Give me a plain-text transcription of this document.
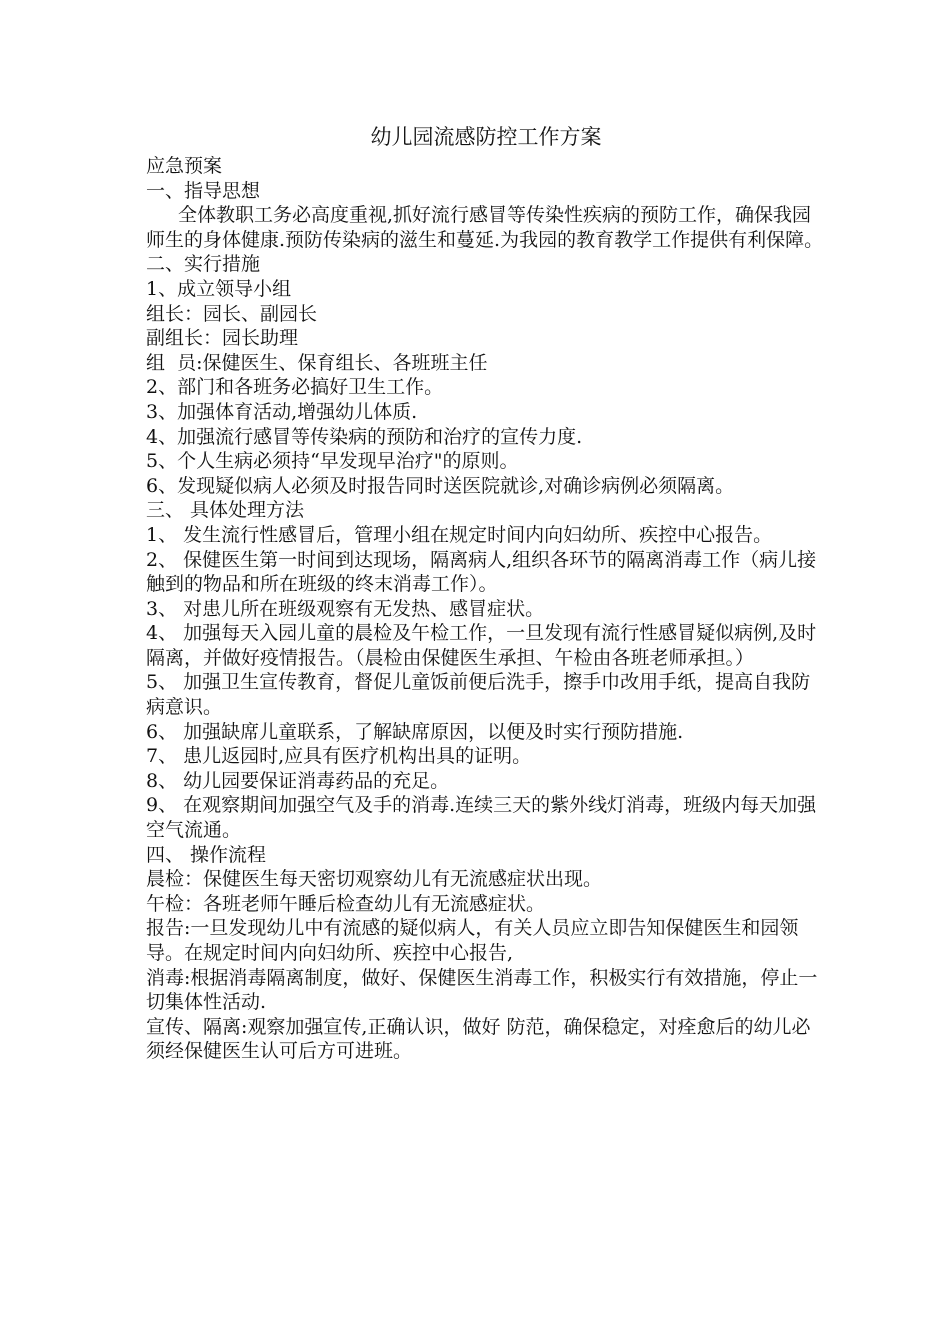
幼儿园流感防控工作方案

应急预案

一、指导思想

全体教职工务必高度重视,抓好流行感冒等传染性疾病的预防工作，确保我园师生的身体健康.预防传染病的滋生和蔓延.为我园的教育教学工作提供有利保障。

二、实行措施

1、成立领导小组

组长：园长、副园长

副组长：园长助理

组  员:保健医生、保育组长、各班班主任

2、部门和各班务必搞好卫生工作。

3、加强体育活动,增强幼儿体质.

4、加强流行感冒等传染病的预防和治疗的宣传力度.

5、个人生病必须持“早发现早治疗"的原则。

6、发现疑似病人必须及时报告同时送医院就诊,对确诊病例必须隔离。

三、 具体处理方法

1、 发生流行性感冒后，管理小组在规定时间内向妇幼所、疾控中心报告。

2、 保健医生第一时间到达现场，隔离病人,组织各环节的隔离消毒工作（病儿接触到的物品和所在班级的终末消毒工作）。

3、 对患儿所在班级观察有无发热、感冒症状。

4、 加强每天入园儿童的晨检及午检工作，一旦发现有流行性感冒疑似病例,及时隔离，并做好疫情报告。（晨检由保健医生承担、午检由各班老师承担。）

5、 加强卫生宣传教育，督促儿童饭前便后洗手，擦手巾改用手纸，提高自我防病意识。

6、 加强缺席儿童联系，了解缺席原因，以便及时实行预防措施.

7、 患儿返园时,应具有医疗机构出具的证明。

8、 幼儿园要保证消毒药品的充足。

9、 在观察期间加强空气及手的消毒.连续三天的紫外线灯消毒，班级内每天加强空气流通。

四、 操作流程

晨检：保健医生每天密切观察幼儿有无流感症状出现。

午检：各班老师午睡后检查幼儿有无流感症状。

报告:一旦发现幼儿中有流感的疑似病人，有关人员应立即告知保健医生和园领导。在规定时间内向妇幼所、疾控中心报告,

消毒:根据消毒隔离制度，做好、保健医生消毒工作，积极实行有效措施，停止一切集体性活动.

宣传、隔离:观察加强宣传,正确认识，做好 防范，确保稳定，对痊愈后的幼儿必须经保健医生认可后方可进班。
